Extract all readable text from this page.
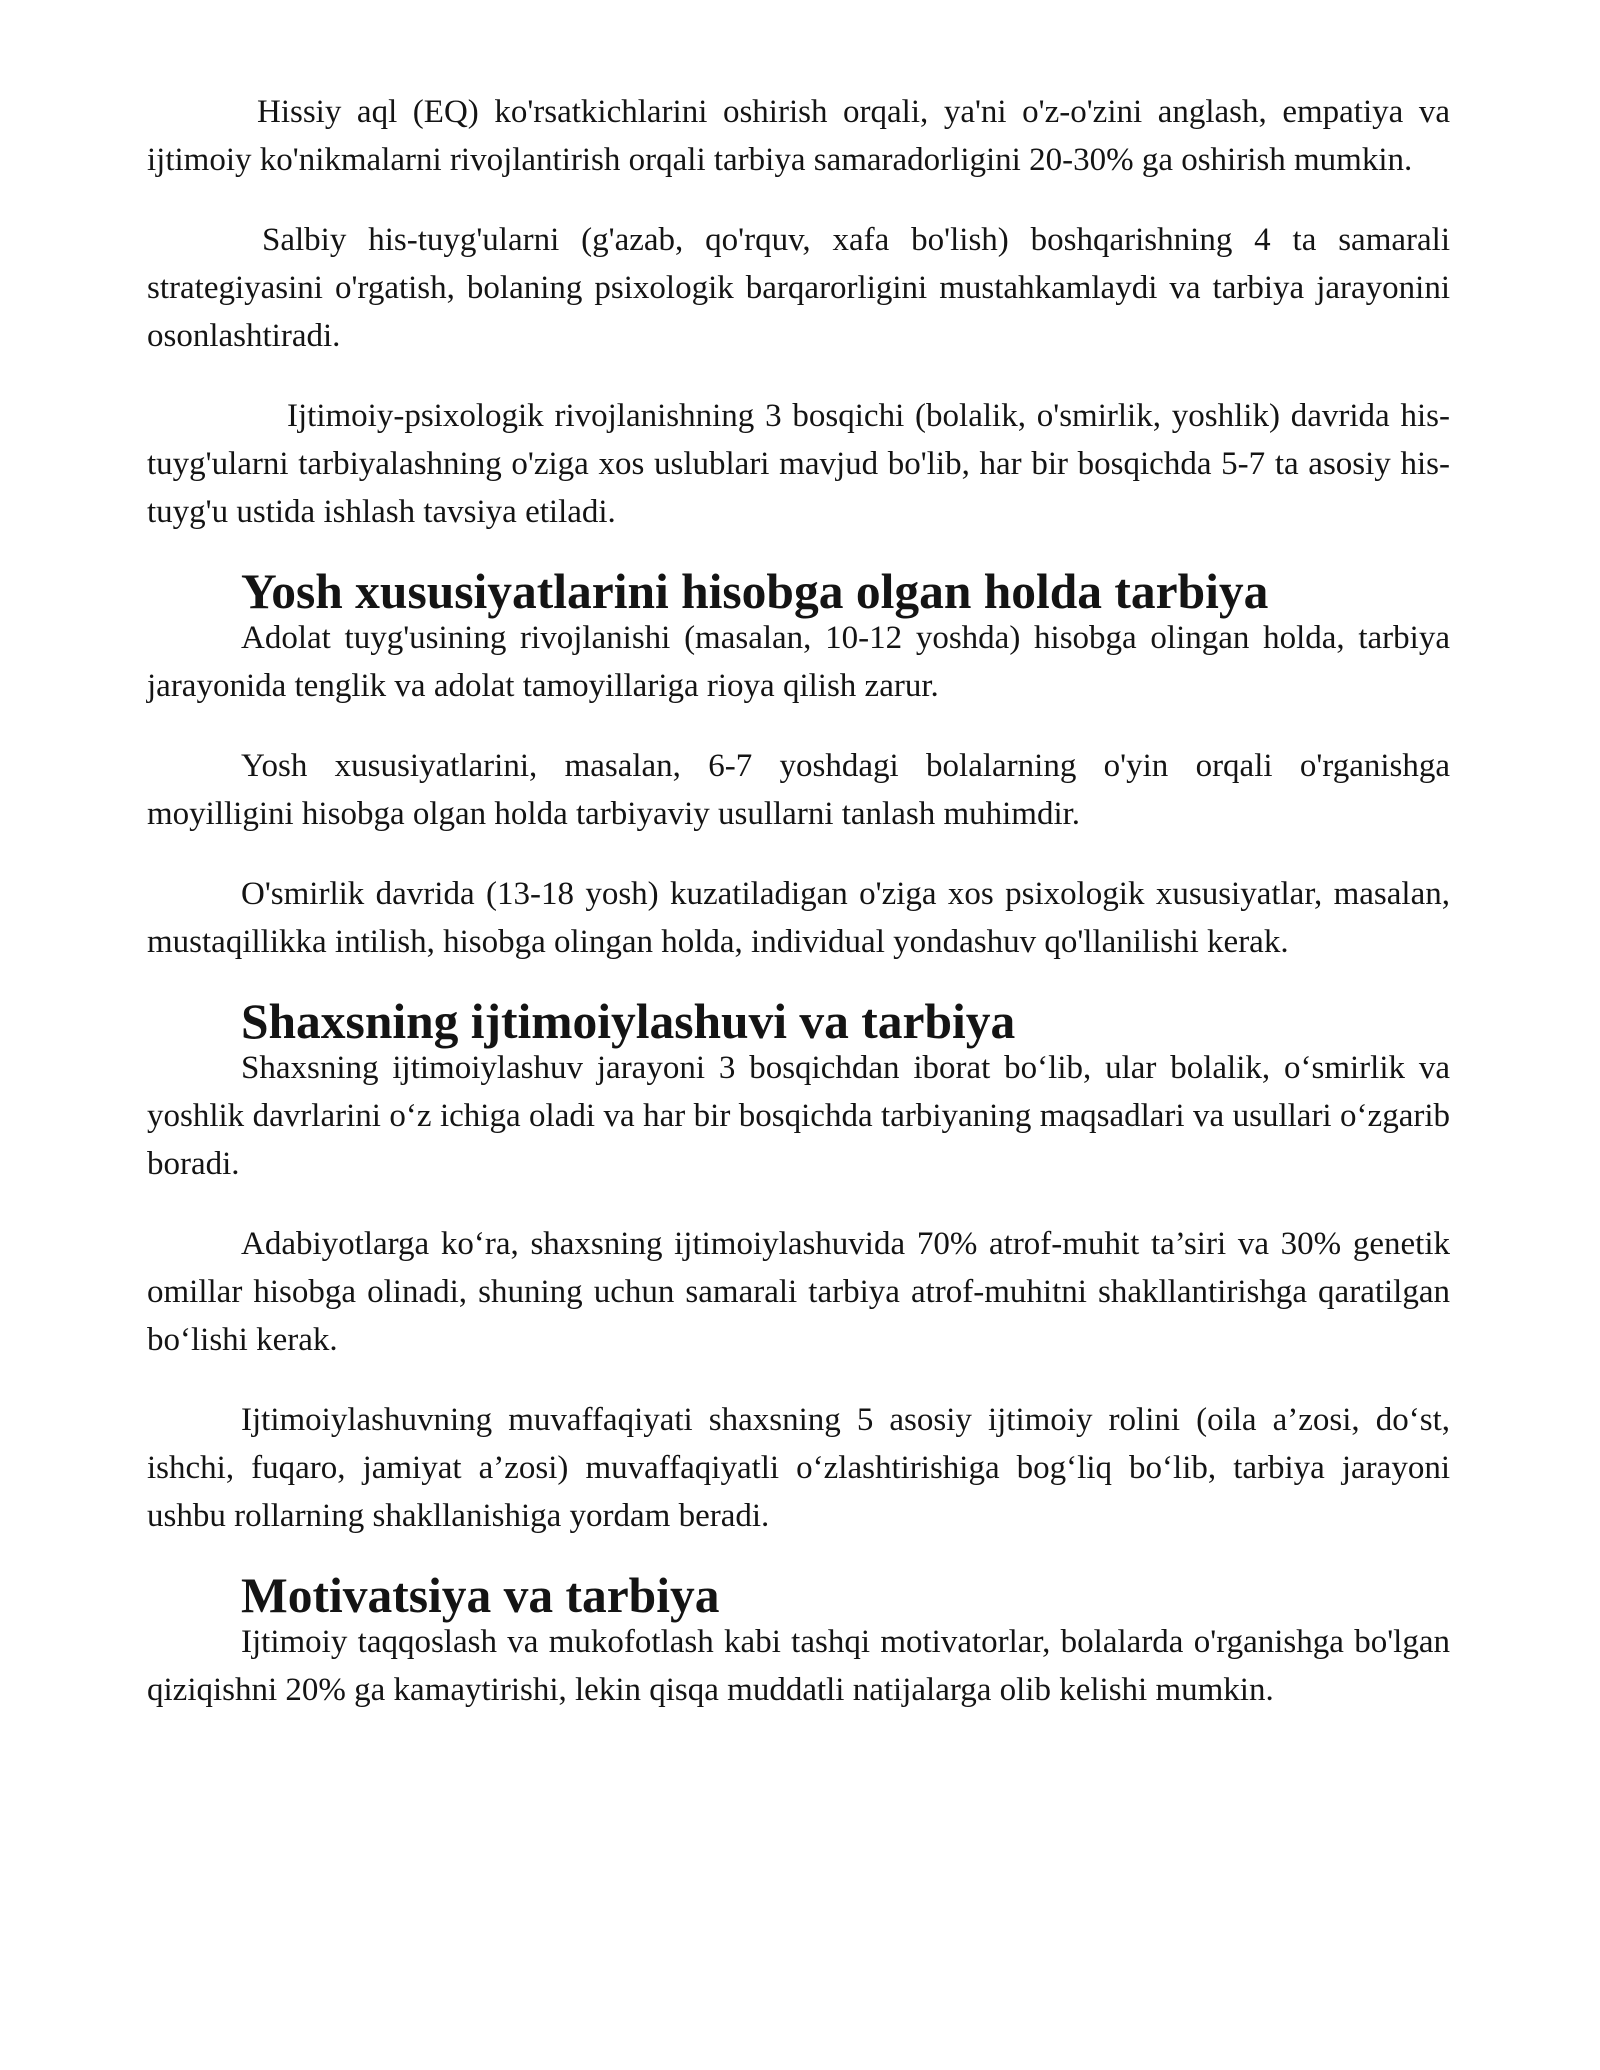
Hissiy aql (EQ) ko'rsatkichlarini oshirish orqali, ya'ni o'z-o'zini anglash, empatiya va ijtimoiy ko'nikmalarni rivojlantirish orqali tarbiya samaradorligini 20-30% ga oshirish mumkin.

Salbiy his-tuyg'ularni (g'azab, qo'rquv, xafa bo'lish) boshqarishning 4 ta samarali strategiyasini o'rgatish, bolaning psixologik barqarorligini mustahkamlaydi va tarbiya jarayonini osonlashtiradi.

Ijtimoiy-psixologik rivojlanishning 3 bosqichi (bolalik, o'smirlik, yoshlik) davrida his-tuyg'ularni tarbiyalashning o'ziga xos uslublari mavjud bo'lib, har bir bosqichda 5-7 ta asosiy his-tuyg'u ustida ishlash tavsiya etiladi.

Yosh xususiyatlarini hisobga olgan holda tarbiya

Adolat tuyg'usining rivojlanishi (masalan, 10-12 yoshda) hisobga olingan holda, tarbiya jarayonida tenglik va adolat tamoyillariga rioya qilish zarur.

Yosh xususiyatlarini, masalan, 6-7 yoshdagi bolalarning o'yin orqali o'rganishga moyilligini hisobga olgan holda tarbiyaviy usullarni tanlash muhimdir.

O'smirlik davrida (13-18 yosh) kuzatiladigan o'ziga xos psixologik xususiyatlar, masalan, mustaqillikka intilish, hisobga olingan holda, individual yondashuv qo'llanilishi kerak.

Shaxsning ijtimoiylashuvi va tarbiya

Shaxsning ijtimoiylashuv jarayoni 3 bosqichdan iborat bo‘lib, ular bolalik, o‘smirlik va yoshlik davrlarini o‘z ichiga oladi va har bir bosqichda tarbiyaning maqsadlari va usullari o‘zgarib boradi.

Adabiyotlarga ko‘ra, shaxsning ijtimoiylashuvida 70% atrof-muhit ta’siri va 30% genetik omillar hisobga olinadi, shuning uchun samarali tarbiya atrof-muhitni shakllantirishga qaratilgan bo‘lishi kerak.

Ijtimoiylashuvning muvaffaqiyati shaxsning 5 asosiy ijtimoiy rolini (oila a’zosi, do‘st, ishchi, fuqaro, jamiyat a’zosi) muvaffaqiyatli o‘zlashtirishiga bog‘liq bo‘lib, tarbiya jarayoni ushbu rollarning shakllanishiga yordam beradi.

Motivatsiya va tarbiya

Ijtimoiy taqqoslash va mukofotlash kabi tashqi motivatorlar, bolalarda o'rganishga bo'lgan qiziqishni 20% ga kamaytirishi, lekin qisqa muddatli natijalarga olib kelishi mumkin.
